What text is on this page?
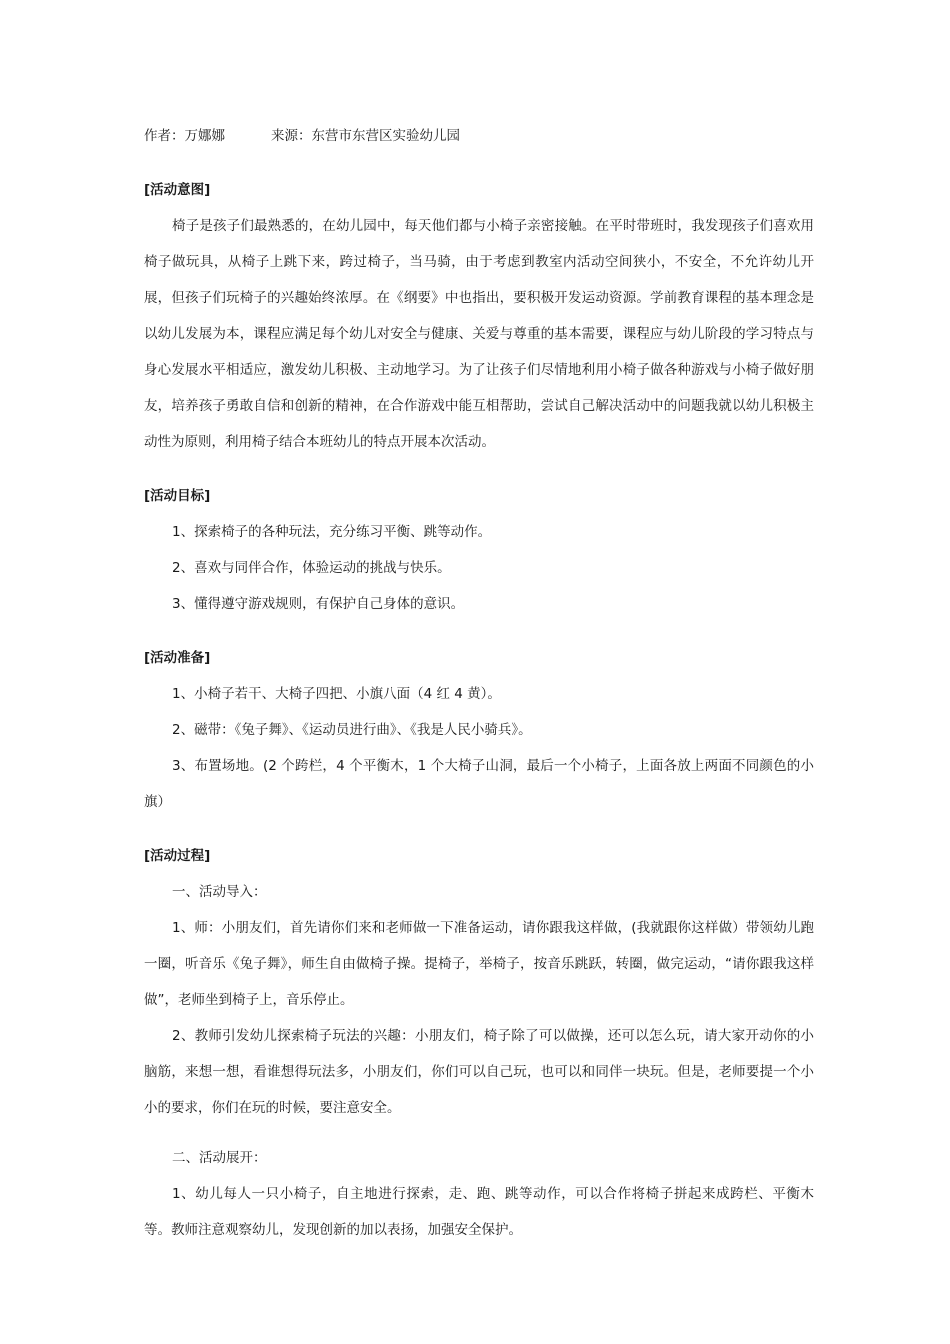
作者：万娜娜	来源：东营市东营区实验幼儿园
[活动意图]

椅子是孩子们最熟悉的，在幼儿园中，每天他们都与小椅子亲密接触。在平时带班时，我发现孩子们喜欢用椅子做玩具，从椅子上跳下来，跨过椅子，当马骑，由于考虑到教室内活动空间狭小，不安全，不允许幼儿开展，但孩子们玩椅子的兴趣始终浓厚。在《纲要》中也指出，要积极开发运动资源。学前教育课程的基本理念是以幼儿发展为本，课程应满足每个幼儿对安全与健康、关爱与尊重的基本需要，课程应与幼儿阶段的学习特点与身心发展水平相适应，激发幼儿积极、主动地学习。为了让孩子们尽情地利用小椅子做各种游戏与小椅子做好朋友，培养孩子勇敢自信和创新的精神，在合作游戏中能互相帮助，尝试自己解决活动中的问题我就以幼儿积极主动性为原则，利用椅子结合本班幼儿的特点开展本次活动。

[活动目标]

1、探索椅子的各种玩法，充分练习平衡、跳等动作。

2、喜欢与同伴合作，体验运动的挑战与快乐。

3、懂得遵守游戏规则，有保护自己身体的意识。

[活动准备]

1、小椅子若干、大椅子四把、小旗八面（4 红 4 黄）。

2、磁带：《兔子舞》、《运动员进行曲》、《我是人民小骑兵》。

3、布置场地。(2 个跨栏，4 个平衡木，1 个大椅子山洞，最后一个小椅子，上面各放上两面不同颜色的小旗）

[活动过程]

一、活动导入：

1、师：小朋友们，首先请你们来和老师做一下准备运动，请你跟我这样做，(我就跟你这样做）带领幼儿跑一圈，听音乐《兔子舞》，师生自由做椅子操。提椅子，举椅子，按音乐跳跃，转圈，做完运动，“请你跟我这样做”，老师坐到椅子上，音乐停止。

2、教师引发幼儿探索椅子玩法的兴趣：小朋友们，椅子除了可以做操，还可以怎么玩，请大家开动你的小脑筋，来想一想，看谁想得玩法多，小朋友们，你们可以自己玩，也可以和同伴一块玩。但是，老师要提一个小小的要求，你们在玩的时候，要注意安全。

二、活动展开：

1、幼儿每人一只小椅子，自主地进行探索，走、跑、跳等动作，可以合作将椅子拼起来成跨栏、平衡木等。教师注意观察幼儿，发现创新的加以表扬，加强安全保护。
